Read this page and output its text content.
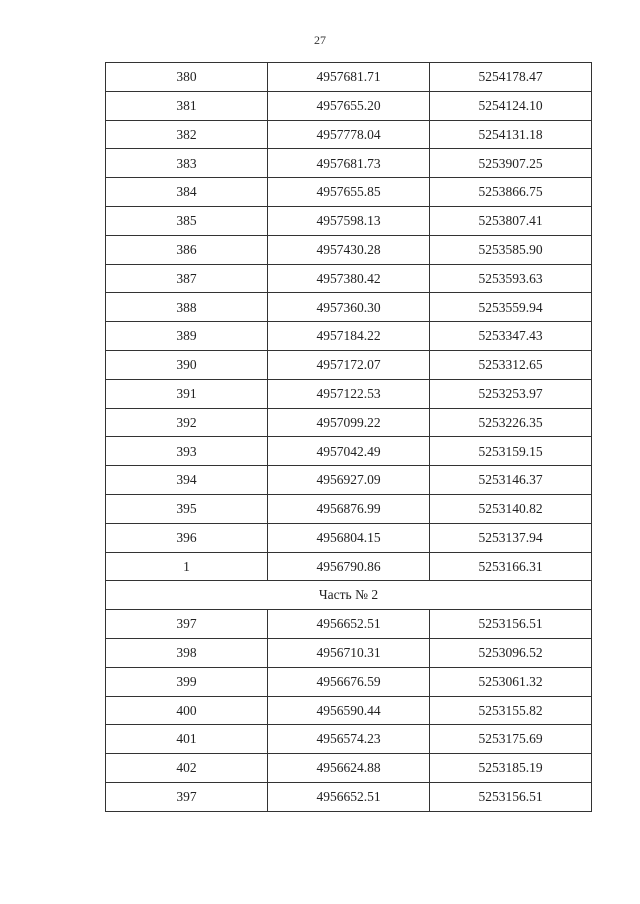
27
380	4957681.71	5254178.47
381	4957655.20	5254124.10
382	4957778.04	5254131.18
383	4957681.73	5253907.25
384	4957655.85	5253866.75
385	4957598.13	5253807.41
386	4957430.28	5253585.90
387	4957380.42	5253593.63
388	4957360.30	5253559.94
389	4957184.22	5253347.43
390	4957172.07	5253312.65
391	4957122.53	5253253.97
392	4957099.22	5253226.35
393	4957042.49	5253159.15
394	4956927.09	5253146.37
395	4956876.99	5253140.82
396	4956804.15	5253137.94
1	4956790.86	5253166.31
Часть № 2		
397	4956652.51	5253156.51
398	4956710.31	5253096.52
399	4956676.59	5253061.32
400	4956590.44	5253155.82
401	4956574.23	5253175.69
402	4956624.88	5253185.19
397	4956652.51	5253156.51
